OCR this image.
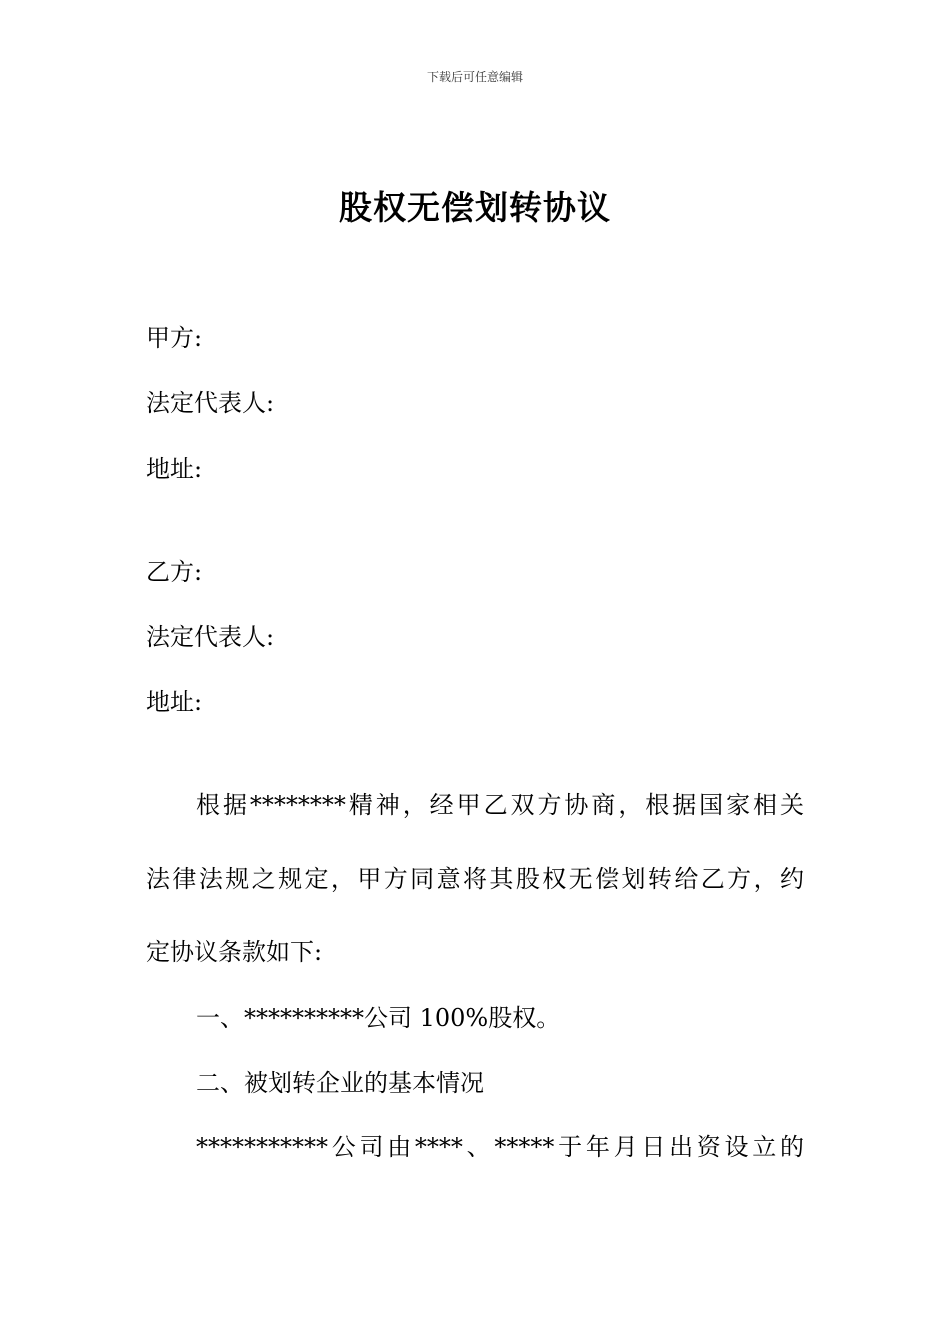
下载后可任意编辑
股权无偿划转协议
甲方:
法定代表人:
地址:
乙方:
法定代表人:
地址:
根据********精神，经甲乙双方协商，根据国家相关
法律法规之规定，甲方同意将其股权无偿划转给乙方，约
定协议条款如下:
一、**********公司 100%股权。
二、被划转企业的基本情况
***********公司由****、*****于年月日出资设立的
